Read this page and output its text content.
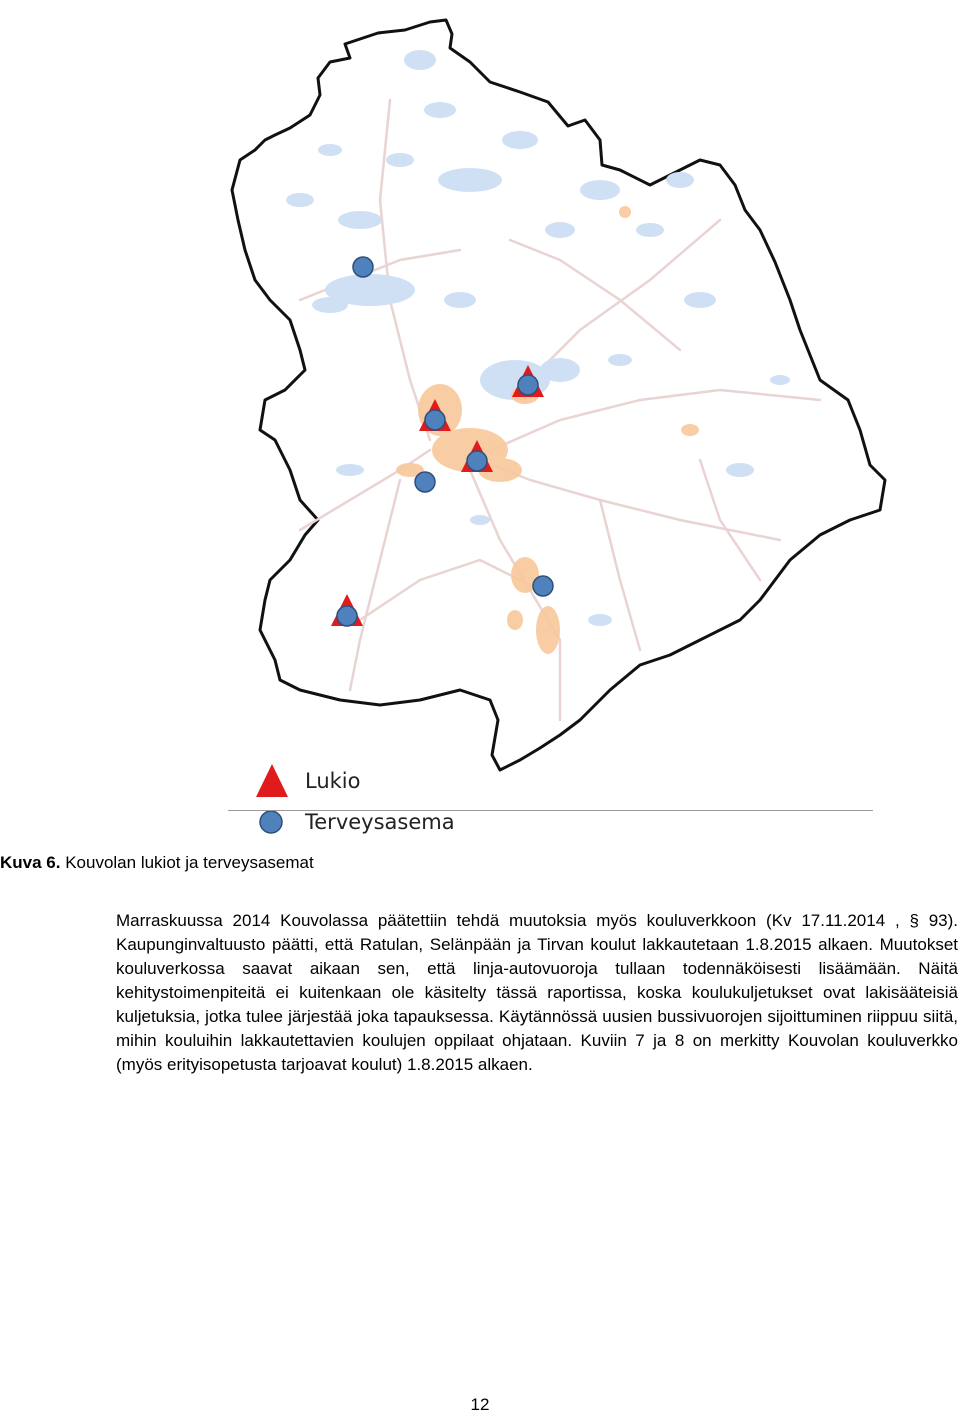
Lukio
Terveysasema
Kuva 6. Kouvolan lukiot ja terveysasemat

Marraskuussa 2014 Kouvolassa päätettiin tehdä muutoksia myös kouluverkkoon (Kv 17.11.2014 , § 93). Kaupunginvaltuusto päätti, että Ratulan, Selänpään ja Tirvan koulut lakkautetaan 1.8.2015 alkaen. Muutokset kouluverkossa saavat aikaan sen, että linja-autovuoroja tullaan todennäköisesti lisäämään. Näitä kehitystoimenpiteitä ei kuitenkaan ole käsitelty tässä raportissa, koska koulukuljetukset ovat lakisääteisiä kuljetuksia, jotka tulee järjestää joka tapauksessa. Käytännössä uusien bussivuorojen sijoittuminen riippuu siitä, mihin kouluihin lakkautettavien koulujen oppilaat ohjataan. Kuviin 7 ja 8 on merkitty Kouvolan kouluverkko (myös erityisopetusta tarjoavat koulut) 1.8.2015 alkaen.

12
